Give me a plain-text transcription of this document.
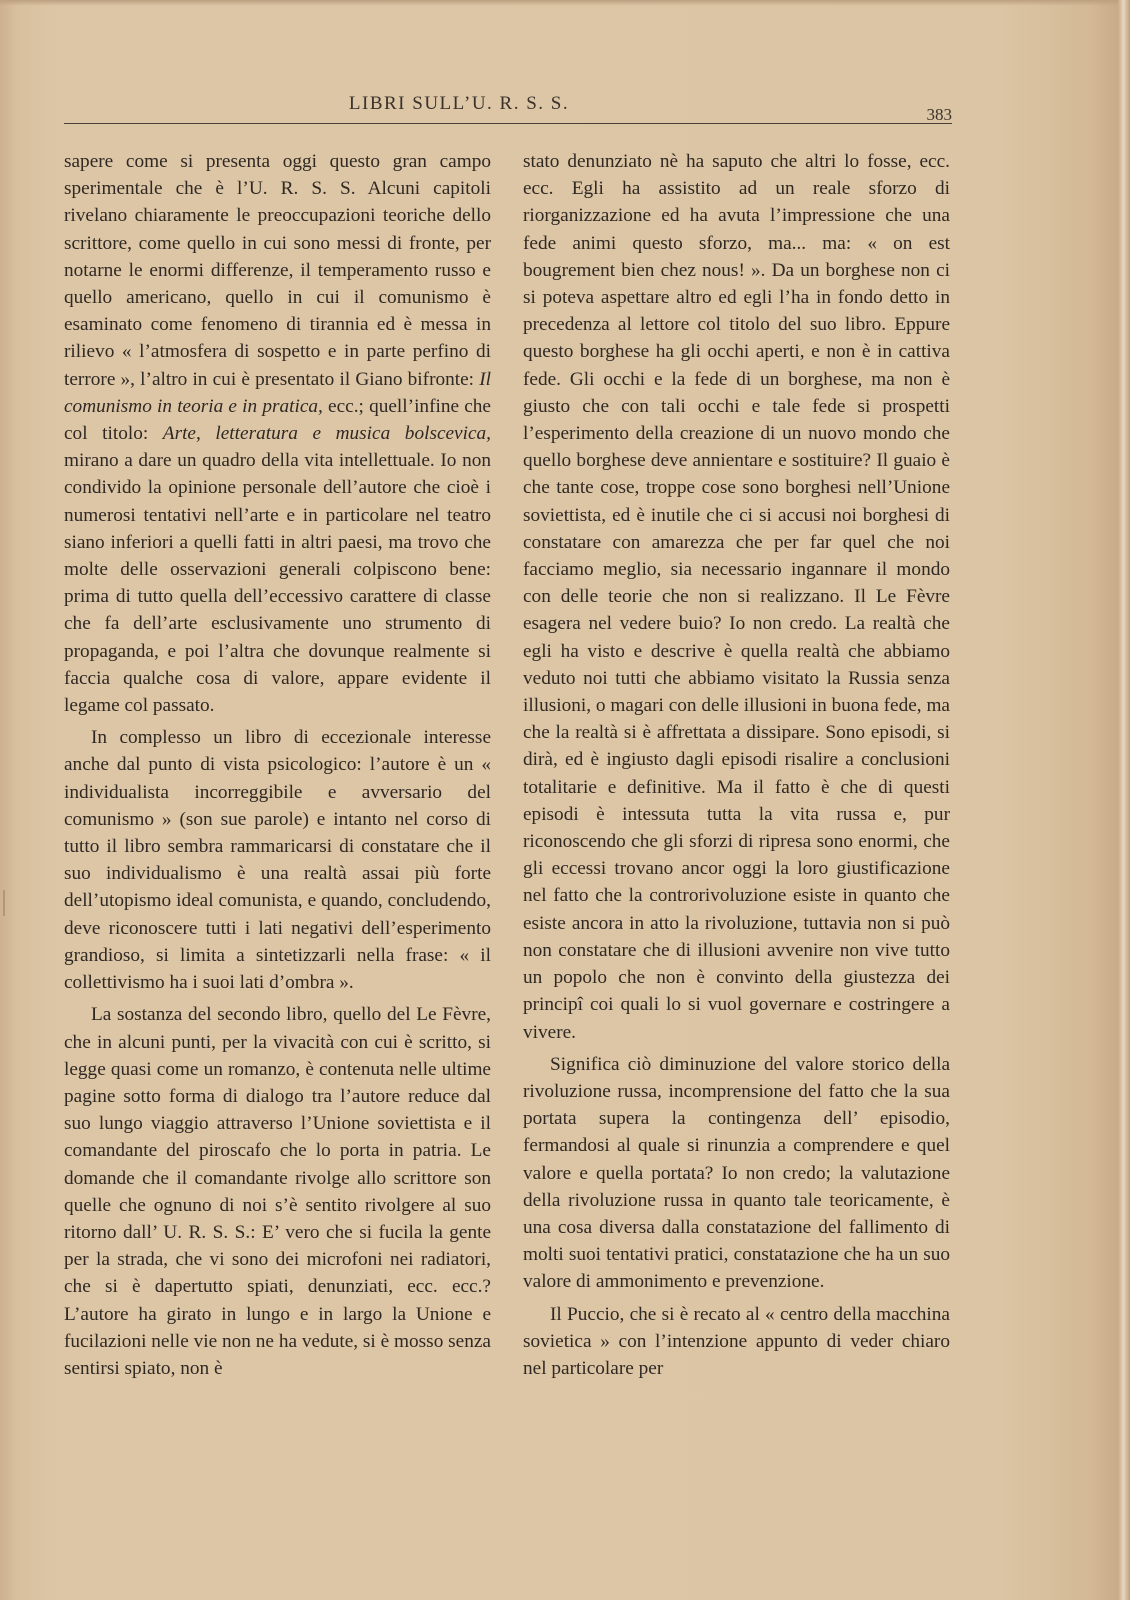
LIBRI SULL’U. R. S. S.
383

sapere come si presenta oggi questo gran campo sperimentale che è l’U. R. S. S. Alcuni capitoli rivelano chiaramente le preoccupazioni teoriche dello scrittore, come quello in cui sono messi di fronte, per notarne le enormi differenze, il temperamento russo e quello americano, quello in cui il comunismo è esaminato come fenomeno di tirannia ed è messa in rilievo « l’atmosfera di sospetto e in parte perfino di terrore », l’altro in cui è presentato il Giano bifronte: Il comunismo in teoria e in pratica, ecc.; quell’infine che col titolo: Arte, letteratura e musica bolscevica, mirano a dare un quadro della vita intellettuale. Io non condivido la opinione personale dell’autore che cioè i numerosi tentativi nell’arte e in particolare nel teatro siano inferiori a quelli fatti in altri paesi, ma trovo che molte delle osservazioni generali colpiscono bene: prima di tutto quella dell’eccessivo carattere di classe che fa dell’arte esclusivamente uno strumento di propaganda, e poi l’altra che dovunque realmente si faccia qualche cosa di valore, appare evidente il legame col passato.

In complesso un libro di eccezionale interesse anche dal punto di vista psicologico: l’autore è un « individualista incorreggibile e avversario del comunismo » (son sue parole) e intanto nel corso di tutto il libro sembra rammaricarsi di constatare che il suo individualismo è una realtà assai più forte dell’utopismo ideal comunista, e quando, concludendo, deve riconoscere tutti i lati negativi dell’esperimento grandioso, si limita a sintetizzarli nella frase: « il collettivismo ha i suoi lati d’ombra ».

La sostanza del secondo libro, quello del Le Fèvre, che in alcuni punti, per la vivacità con cui è scritto, si legge quasi come un romanzo, è contenuta nelle ultime pagine sotto forma di dialogo tra l’autore reduce dal suo lungo viaggio attraverso l’Unione soviettista e il comandante del piroscafo che lo porta in patria. Le domande che il comandante rivolge allo scrittore son quelle che ognuno di noi s’è sentito rivolgere al suo ritorno dall’ U. R. S. S.: E’ vero che si fucila la gente per la strada, che vi sono dei microfoni nei radiatori, che si è dapertutto spiati, denunziati, ecc. ecc.? L’autore ha girato in lungo e in largo la Unione e fucilazioni nelle vie non ne ha vedute, si è mosso senza sentirsi spiato, non è

stato denunziato nè ha saputo che altri lo fosse, ecc. ecc. Egli ha assistito ad un reale sforzo di riorganizzazione ed ha avuta l’impressione che una fede animi questo sforzo, ma... ma: « on est bougrement bien chez nous! ». Da un borghese non ci si poteva aspettare altro ed egli l’ha in fondo detto in precedenza al lettore col titolo del suo libro. Eppure questo borghese ha gli occhi aperti, e non è in cattiva fede. Gli occhi e la fede di un borghese, ma non è giusto che con tali occhi e tale fede si prospetti l’esperimento della creazione di un nuovo mondo che quello borghese deve annientare e sostituire? Il guaio è che tante cose, troppe cose sono borghesi nell’Unione soviettista, ed è inutile che ci si accusi noi borghesi di constatare con amarezza che per far quel che noi facciamo meglio, sia necessario ingannare il mondo con delle teorie che non si realizzano. Il Le Fèvre esagera nel vedere buio? Io non credo. La realtà che egli ha visto e descrive è quella realtà che abbiamo veduto noi tutti che abbiamo visitato la Russia senza illusioni, o magari con delle illusioni in buona fede, ma che la realtà si è affrettata a dissipare. Sono episodi, si dirà, ed è ingiusto dagli episodi risalire a conclusioni totalitarie e definitive. Ma il fatto è che di questi episodi è intessuta tutta la vita russa e, pur riconoscendo che gli sforzi di ripresa sono enormi, che gli eccessi trovano ancor oggi la loro giustificazione nel fatto che la controrivoluzione esiste in quanto che esiste ancora in atto la rivoluzione, tuttavia non si può non constatare che di illusioni avvenire non vive tutto un popolo che non è convinto della giustezza dei principî coi quali lo si vuol governare e costringere a vivere.

Significa ciò diminuzione del valore storico della rivoluzione russa, incomprensione del fatto che la sua portata supera la contingenza dell’ episodio, fermandosi al quale si rinunzia a comprendere e quel valore e quella portata? Io non credo; la valutazione della rivoluzione russa in quanto tale teoricamente, è una cosa diversa dalla constatazione del fallimento di molti suoi tentativi pratici, constatazione che ha un suo valore di ammonimento e prevenzione.

Il Puccio, che si è recato al « centro della macchina sovietica » con l’intenzione appunto di veder chiaro nel particolare per
